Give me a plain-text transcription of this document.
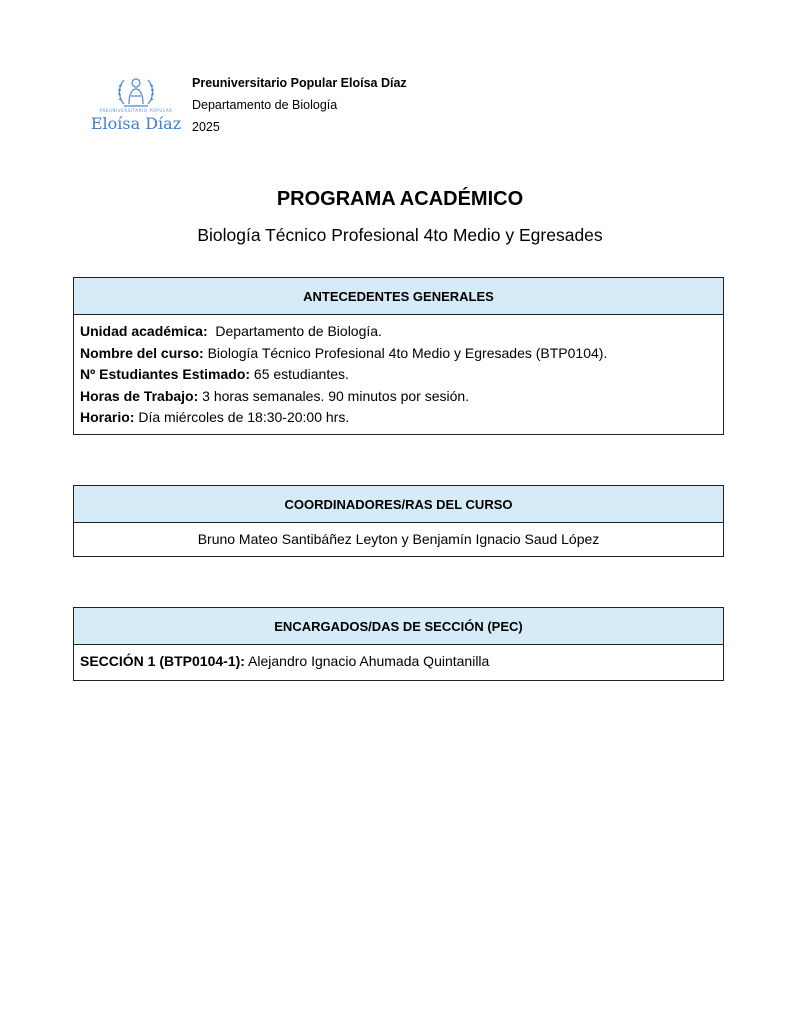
PREUNIVERSITARIO POPULAR
Eloísa Díaz
Preuniversitario Popular Eloísa Díaz
Departamento de Biología
2025
PROGRAMA ACADÉMICO
Biología Técnico Profesional 4to Medio y Egresades
ANTECEDENTES GENERALES
Unidad académica:  Departamento de Biología.
Nombre del curso: Biología Técnico Profesional 4to Medio y Egresades (BTP0104).
Nº Estudiantes Estimado: 65 estudiantes.
Horas de Trabajo: 3 horas semanales. 90 minutos por sesión.
Horario: Día miércoles de 18:30-20:00 hrs.
COORDINADORES/RAS DEL CURSO
Bruno Mateo Santibáñez Leyton y Benjamín Ignacio Saud López
ENCARGADOS/DAS DE SECCIÓN (PEC)
SECCIÓN 1 (BTP0104-1): Alejandro Ignacio Ahumada Quintanilla
